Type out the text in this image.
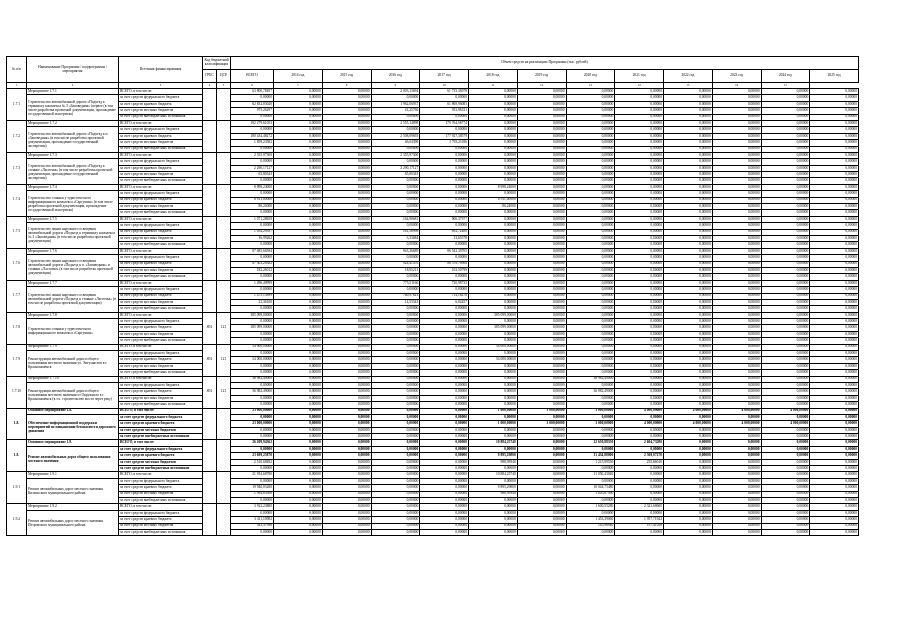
№ п/п	Наименование Программы / подпрограммы / мероприятия	Источник финансирования	Код бюджетной классификации		Объем средств на реализацию Программы (тыс. рублей)												
			ГРБС	ЦСР	ВСЕГО	2014 год	2015 год	2016 год	2017 год	2018 год	2019 год	2020 год	2021 год	2022 год	2023 год	2024 год	2025 год
1	2	3	4	5	6	7	8	9	10	11	12	13	14	15	16	17	
1.7.1	Мероприятие 1.7.1	ВСЕГО, в том числе:			63 800,78497	0,00000	0,00000	2 003,13694	61 733,36978	0,00000	0,00000	0,00000	0,00000	0,00000	0,00000	0,00000	0,00000
	Строительство автомобильной дороги «Подъезд к терминалу комплекса № 3 «Заповедник» (первое (в том числе разработка проектной документации, прохождение государственной экспертизы)	за счет средств федерального бюджета			0,00000	0,00000	0,00000	0,00000	0,00000	0,00000	0,00000	0,00000	0,00000	0,00000	0,00000	0,00000	0,00000
		за счет средств краевого бюджета			62 832,03020	0,00000	0,00000	1 962,06937	61 869,96083	0,00000	0,00000	0,00000	0,00000	0,00000	0,00000	0,00000	0,00000
		за счет средств местных бюджетов			975,26297	0,00000	0,00000	41,25766	933,96331	0,00000	0,00000	0,00000	0,00000	0,00000	0,00000	0,00000	0,00000
		за счет средств внебюджетных источников			0,00000	0,00000	0,00000	0,00000	0,00000	0,00000	0,00000	0,00000	0,00000	0,00000	0,00000	0,00000	0,00000
1.7.2	Мероприятие 1.7.2	ВСЕГО, в том числе:			182 279,61053	0,00000	0,00000	2 555,14098	179 764,96774	0,00000	0,00000	0,00000	0,00000	0,00000	0,00000	0,00000	0,00000
	Строительство автомобильной дороги «Подъезд к п. «Заповедник» (в том числе разработка проектной документации, прохождение государственной экспертизы)	за счет средств федерального бюджета			0,00000	0,00000	0,00000	0,00000	0,00000	0,00000	0,00000	0,00000	0,00000	0,00000	0,00000	0,00000	0,00000
		за счет средств краевого бюджета			180 434,48272	0,00000	0,00000	2 508,09693	177 927,38579	0,00000	0,00000	0,00000	0,00000	0,00000	0,00000	0,00000	0,00000
		за счет средств местных бюджетов			1 839,23582	0,00000	0,00000	46,04396	1 793,21186	0,00000	0,00000	0,00000	0,00000	0,00000	0,00000	0,00000	0,00000
		за счет средств внебюджетных источников			0,00000	0,00000	0,00000	0,00000	0,00000	0,00000	0,00000	0,00000	0,00000	0,00000	0,00000	0,00000	0,00000
1.7.3	Мероприятие 1.7.3	ВСЕГО, в том числе:			2 355,97300	0,00000	0,00000	2 355,97300	0,00000	0,00000	0,00000	0,00000	0,00000	0,00000	0,00000	0,00000	0,00000
	Строительство автомобильной дороги «Подъезд к стоянке «Ласточка» (в том числе разработка проектной документации, прохождение государственной экспертизы)	за счет средств федерального бюджета			0,00000	0,00000	0,00000	0,00000	0,00000	0,00000	0,00000	0,00000	0,00000	0,00000	0,00000	0,00000	0,00000
		за счет средств краевого бюджета			2 290,17127	0,00000	0,00000	2 290,17127	0,00000	0,00000	0,00000	0,00000	0,00000	0,00000	0,00000	0,00000	0,00000
		за счет средств местных бюджетов			65,80343	0,00000	0,00000	65,80343	0,00000	0,00000	0,00000	0,00000	0,00000	0,00000	0,00000	0,00000	0,00000
		за счет средств внебюджетных источников			0,00000	0,00000	0,00000	0,00000	0,00000	0,00000	0,00000	0,00000	0,00000	0,00000	0,00000	0,00000	0,00000
1.7.4	Мероприятие 1.7.4	ВСЕГО, в том числе:			8 998,24000	0,00000	0,00000	0,00000	0,00000	8 998,24000	0,00000	0,00000	0,00000	0,00000	0,00000	0,00000	0,00000
	Строительство стоянки у туристического информационного комплекса «Саргушин» (в том числе разработка проектной документации, прохождение государственной экспертизы)	за счет средств федерального бюджета			0,00000	0,00000	0,00000	0,00000	0,00000	0,00000	0,00000	0,00000	0,00000	0,00000	0,00000	0,00000	0,00000
		за счет средств краевого бюджета			8 911,00000	0,00000	0,00000	0,00000	0,00000	8 911,00000	0,00000	0,00000	0,00000	0,00000	0,00000	0,00000	0,00000
		за счет средств местных бюджетов			86,24000	0,00000	0,00000	0,00000	0,00000	86,24000	0,00000	0,00000	0,00000	0,00000	0,00000	0,00000	0,00000
		за счет средств внебюджетных источников			0,00000	0,00000	0,00000	0,00000	0,00000	0,00000	0,00000	0,00000	0,00000	0,00000	0,00000	0,00000	0,00000
1.7.5	Мероприятие 1.7.5	ВСЕГО, в том числе:			1 071,28659	0,00000	0,00000	164,90681	906,37977	0,00000	0,00000	0,00000	0,00000	0,00000	0,00000	0,00000	0,00000
	Строительство линии наружного освещения автомобильной дороги «Подъезд к терминалу комплекса № 3 «Заповедник» (в том числе разработка проектной документации)	за счет средств федерального бюджета			0,00000	0,00000	0,00000	0,00000	0,00000	0,00000	0,00000	0,00000	0,00000	0,00000	0,00000	0,00000	0,00000
		за счет средств краевого бюджета			1 054,29397	0,00000	0,00000	161,56998	892,72400	0,00000	0,00000	0,00000	0,00000	0,00000	0,00000	0,00000	0,00000
		за счет средств местных бюджетов			16,99262	0,00000	0,00000	3,33684	13,65578	0,00000	0,00000	0,00000	0,00000	0,00000	0,00000	0,00000	0,00000
		за счет средств внебюджетных источников			0,00000	0,00000	0,00000	0,00000	0,00000	0,00000	0,00000	0,00000	0,00000	0,00000	0,00000	0,00000	0,00000
1.7.6	Мероприятие 1.7.6	ВСЕГО, в том числе:			87 485,66394	0,00000	0,00000	943,26689	86 542,39705	0,00000	0,00000	0,00000	0,00000	0,00000	0,00000	0,00000	0,00000
	Строительство линии наружного освещения автомобильной дороги «Подъезд к п. «Заповедник» и стоянки «Ласточка» (в том числе разработка проектной документации)	за счет средств федерального бюджета			0,00000	0,00000	0,00000	0,00000	0,00000	0,00000	0,00000	0,00000	0,00000	0,00000	0,00000	0,00000	0,00000
		за счет средств краевого бюджета			87 303,20382	0,00000	0,00000	924,41476	86 378,78906	0,00000	0,00000	0,00000	0,00000	0,00000	0,00000	0,00000	0,00000
		за счет средств местных бюджетов			182,26012	0,00000	0,00000	18,85213	163,50799	0,00000	0,00000	0,00000	0,00000	0,00000	0,00000	0,00000	0,00000
		за счет средств внебюджетных источников			0,00000	0,00000	0,00000	0,00000	0,00000	0,00000	0,00000	0,00000	0,00000	0,00000	0,00000	0,00000	0,00000
1.7.7	Мероприятие 1.7.7	ВСЕГО, в том числе:			1 496,49999	0,00000	0,00000	775,51166	720,98733	0,00000	0,00000	0,00000	0,00000	0,00000	0,00000	0,00000	0,00000
	Строительство линии наружного освещения автомобильной дороги «Подъезд к стоянке «Ласточка» (в том числе разработка проектной документации)	за счет средств федерального бюджета			0,00000	0,00000	0,00000	0,00000	0,00000	0,00000	0,00000	0,00000	0,00000	0,00000	0,00000	0,00000	0,00000
		за счет средств краевого бюджета			1 475,13899	0,00000	0,00000	760,97623	714,16276	0,00000	0,00000	0,00000	0,00000	0,00000	0,00000	0,00000	0,00000
		за счет средств местных бюджетов			21,36100	0,00000	0,00000	14,53543	6,82457	0,00000	0,00000	0,00000	0,00000	0,00000	0,00000	0,00000	0,00000
		за счет средств внебюджетных источников			0,00000	0,00000	0,00000	0,00000	0,00000	0,00000	0,00000	0,00000	0,00000	0,00000	0,00000	0,00000	0,00000
1.7.8	Мероприятие 1.7.8	ВСЕГО, в том числе:	801	121	385 099,00000	0,00000	0,00000	0,00000	0,00000	385 099,00000	0,00000	0,00000	0,00000	0,00000	0,00000	0,00000	0,00000
	Строительство стоянки у туристического информационного комплекса «Саргушин»	за счет средств федерального бюджета			0,00000	0,00000	0,00000	0,00000	0,00000	0,00000	0,00000	0,00000	0,00000	0,00000	0,00000	0,00000	0,00000
		за счет средств краевого бюджета			385 099,00000	0,00000	0,00000	0,00000	0,00000	385 099,00000	0,00000	0,00000	0,00000	0,00000	0,00000	0,00000	0,00000
		за счет средств местных бюджетов			0,00000	0,00000	0,00000	0,00000	0,00000	0,00000	0,00000	0,00000	0,00000	0,00000	0,00000	0,00000	0,00000
		за счет средств внебюджетных источников			0,00000	0,00000	0,00000	0,00000	0,00000	0,00000	0,00000	0,00000	0,00000	0,00000	0,00000	0,00000	0,00000
1.7.9	Мероприятие 1.7.9	ВСЕГО, в том числе:	801	121	54 000,00000	0,00000	0,00000	0,00000	0,00000	54 000,00000	0,00000	0,00000	0,00000	0,00000	0,00000	0,00000	0,00000
	Реконструкция автомобильной дороги общего пользования местного значения ул. Энтузиастов в г. Краснокаменск	за счет средств федерального бюджета			0,00000	0,00000	0,00000	0,00000	0,00000	0,00000	0,00000	0,00000	0,00000	0,00000	0,00000	0,00000	0,00000
		за счет средств краевого бюджета			54 000,00000	0,00000	0,00000	0,00000	0,00000	54 000,00000	0,00000	0,00000	0,00000	0,00000	0,00000	0,00000	0,00000
		за счет средств местных бюджетов			0,00000	0,00000	0,00000	0,00000	0,00000	0,00000	0,00000	0,00000	0,00000	0,00000	0,00000	0,00000	0,00000
		за счет средств внебюджетных источников			0,00000	0,00000	0,00000	0,00000	0,00000	0,00000	0,00000	0,00000	0,00000	0,00000	0,00000	0,00000	0,00000
1.7.10	Мероприятие 1.7.10	ВСЕГО, в том числе:	801	121	36 982,49000	0,00000	0,00000	0,00000	0,00000	0,00000	0,00000	36 982,49000	0,00000	0,00000	0,00000	0,00000	0,00000
	Реконструкция автомобильной дороги общего пользования местного значения от Окружного в г. Краснокаменск (в т.ч. строительство моста через реку)	за счет средств федерального бюджета			0,00000	0,00000	0,00000	0,00000	0,00000	0,00000	0,00000	0,00000	0,00000	0,00000	0,00000	0,00000	0,00000
		за счет средств краевого бюджета			36 982,49000	0,00000	0,00000	0,00000	0,00000	0,00000	0,00000	36 982,49000	0,00000	0,00000	0,00000	0,00000	0,00000
		за счет средств местных бюджетов			0,00000	0,00000	0,00000	0,00000	0,00000	0,00000	0,00000	0,00000	0,00000	0,00000	0,00000	0,00000	0,00000
		за счет средств внебюджетных источников			0,00000	0,00000	0,00000	0,00000	0,00000	0,00000	0,00000	0,00000	0,00000	0,00000	0,00000	0,00000	0,00000
1.8.	Основное мероприятие 1.8.	ВСЕГО, в том числе:			23 000,00000	0,00000	0,00000	0,00000	0,00000	1 000,00000	3 000,00000	3 000,00000	4 000,00000	4 000,00000	4 000,00000	4 000,00000	0,00000
	Обеспечение информационной поддержки мероприятий по повышению безопасности дорожного движения	за счет средств федерального бюджета			0,00000	0,00000	0,00000	0,00000	0,00000	0,00000	0,00000	0,00000	0,00000	0,00000	0,00000	0,00000	0,00000
		за счет средств краевого бюджета			23 000,00000	0,00000	0,00000	0,00000	0,00000	1 000,00000	3 000,00000	3 000,00000	4 000,00000	4 000,00000	4 000,00000	4 000,00000	0,00000
		за счет средств местных бюджетов			0,00000	0,00000	0,00000	0,00000	0,00000	0,00000	0,00000	0,00000	0,00000	0,00000	0,00000	0,00000	0,00000
		за счет средств внебюджетных источников			0,00000	0,00000	0,00000	0,00000	0,00000	0,00000	0,00000	0,00000	0,00000	0,00000	0,00000	0,00000	0,00000
1.9.	Основное мероприятие 1.9.	ВСЕГО, в том числе:			26 209,94362	0,00000	0,00000	0,00000	0,00000	10 884,25740	0,00000	12 650,88350	2 604,73280	0,00000	0,00000	0,00000	0,00000
	Ремонт автомобильных дорог общего пользования местного значения	за счет средств федерального бюджета			0,00000	0,00000	0,00000	0,00000	0,00000	0,00000	0,00000	0,00000	0,00000	0,00000	0,00000	0,00000	0,00000
		за счет средств краевого бюджета			23 699,25870	0,00000	0,00000	0,00000	0,00000	9 895,29800	0,00000	11 434,88800	2 369,07270	0,00000	0,00000	0,00000	0,00000
		за счет средств местных бюджетов			2 510,68492	0,00000	0,00000	0,00000	0,00000	988,95940	0,00000	1 215,99550	235,66010	0,00000	0,00000	0,00000	0,00000
		за счет средств внебюджетных источников			0,00000	0,00000	0,00000	0,00000	0,00000	0,00000	0,00000	0,00000	0,00000	0,00000	0,00000	0,00000	0,00000
1.9.1	Мероприятие 1.9.1	ВСЕГО, в том числе:			21 934,68780	0,00000	0,00000	0,00000	0,00000	10 884,25740	0,00000	11 050,43040	0,00000	0,00000	0,00000	0,00000	0,00000
	Ремонт автомобильных дорог местного значения Кизильского муниципального района	за счет средств федерального бюджета			0,00000	0,00000	0,00000	0,00000	0,00000	0,00000	0,00000	0,00000	0,00000	0,00000	0,00000	0,00000	0,00000
		за счет средств краевого бюджета			19 940,05280	0,00000	0,00000	0,00000	0,00000	9 895,29800	0,00000	10 044,75480	0,00000	0,00000	0,00000	0,00000	0,00000
		за счет средств местных бюджетов			1 994,63500	0,00000	0,00000	0,00000	0,00000	988,95940	0,00000	1 005,67560	0,00000	0,00000	0,00000	0,00000	0,00000
		за счет средств внебюджетных источников			0,00000	0,00000	0,00000	0,00000	0,00000	0,00000	0,00000	0,00000	0,00000	0,00000	0,00000	0,00000	0,00000
1.9.2	Мероприятие 1.9.2	ВСЕГО, в том числе:			3 922,23880	0,00000	0,00000	0,00000	0,00000	0,00000	0,00000	1 600,55280	2 321,68600	0,00000	0,00000	0,00000	0,00000
	Ремонт автомобильных дорог местного значения Петровского муниципального района	за счет средств федерального бюджета			0,00000	0,00000	0,00000	0,00000	0,00000	0,00000	0,00000	0,00000	0,00000	0,00000	0,00000	0,00000	0,00000
		за счет средств краевого бюджета			3 411,10982	0,00000	0,00000	0,00000	0,00000	0,00000	0,00000	1 453,39060	1 957,71922	0,00000	0,00000	0,00000	0,00000
		за счет средств местных бюджетов			343,37998	0,00000	0,00000	0,00000	0,00000	0,00000	0,00000	145,96940	197,41058	0,00000	0,00000	0,00000	0,00000
		за счет средств внебюджетных источников			0,00000	0,00000	0,00000	0,00000	0,00000	0,00000	0,00000	0,00000	0,00000	0,00000	0,00000	0,00000	0,00000
